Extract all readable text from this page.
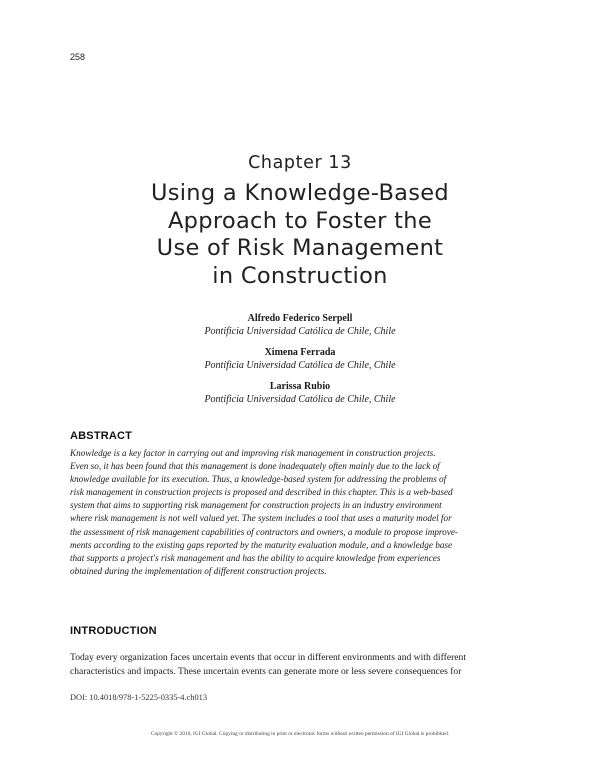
258
Chapter 13
Using a Knowledge-Based
Approach to Foster the
Use of Risk Management
in Construction
Alfredo Federico Serpell
Pontificia Universidad Católica de Chile, Chile
Ximena Ferrada
Pontificia Universidad Católica de Chile, Chile
Larissa Rubio
Pontificia Universidad Católica de Chile, Chile
ABSTRACT
Knowledge is a key factor in carrying out and improving risk management in construction projects.
Even so, it has been found that this management is done inadequately often mainly due to the lack of
knowledge available for its execution. Thus, a knowledge-based system for addressing the problems of
risk management in construction projects is proposed and described in this chapter. This is a web-based
system that aims to supporting risk management for construction projects in an industry environment
where risk management is not well valued yet. The system includes a tool that uses a maturity model for
the assessment of risk management capabilities of contractors and owners, a module to propose improve-
ments according to the existing gaps reported by the maturity evaluation module, and a knowledge base
that supports a project's risk management and has the ability to acquire knowledge from experiences
obtained during the implementation of different construction projects.
INTRODUCTION
Today every organization faces uncertain events that occur in different environments and with different
characteristics and impacts. These uncertain events can generate more or less severe consequences for
DOI: 10.4018/978-1-5225-0335-4.ch013
Copyright © 2016, IGI Global. Copying or distributing in print or electronic forms without written permission of IGI Global is prohibited.
